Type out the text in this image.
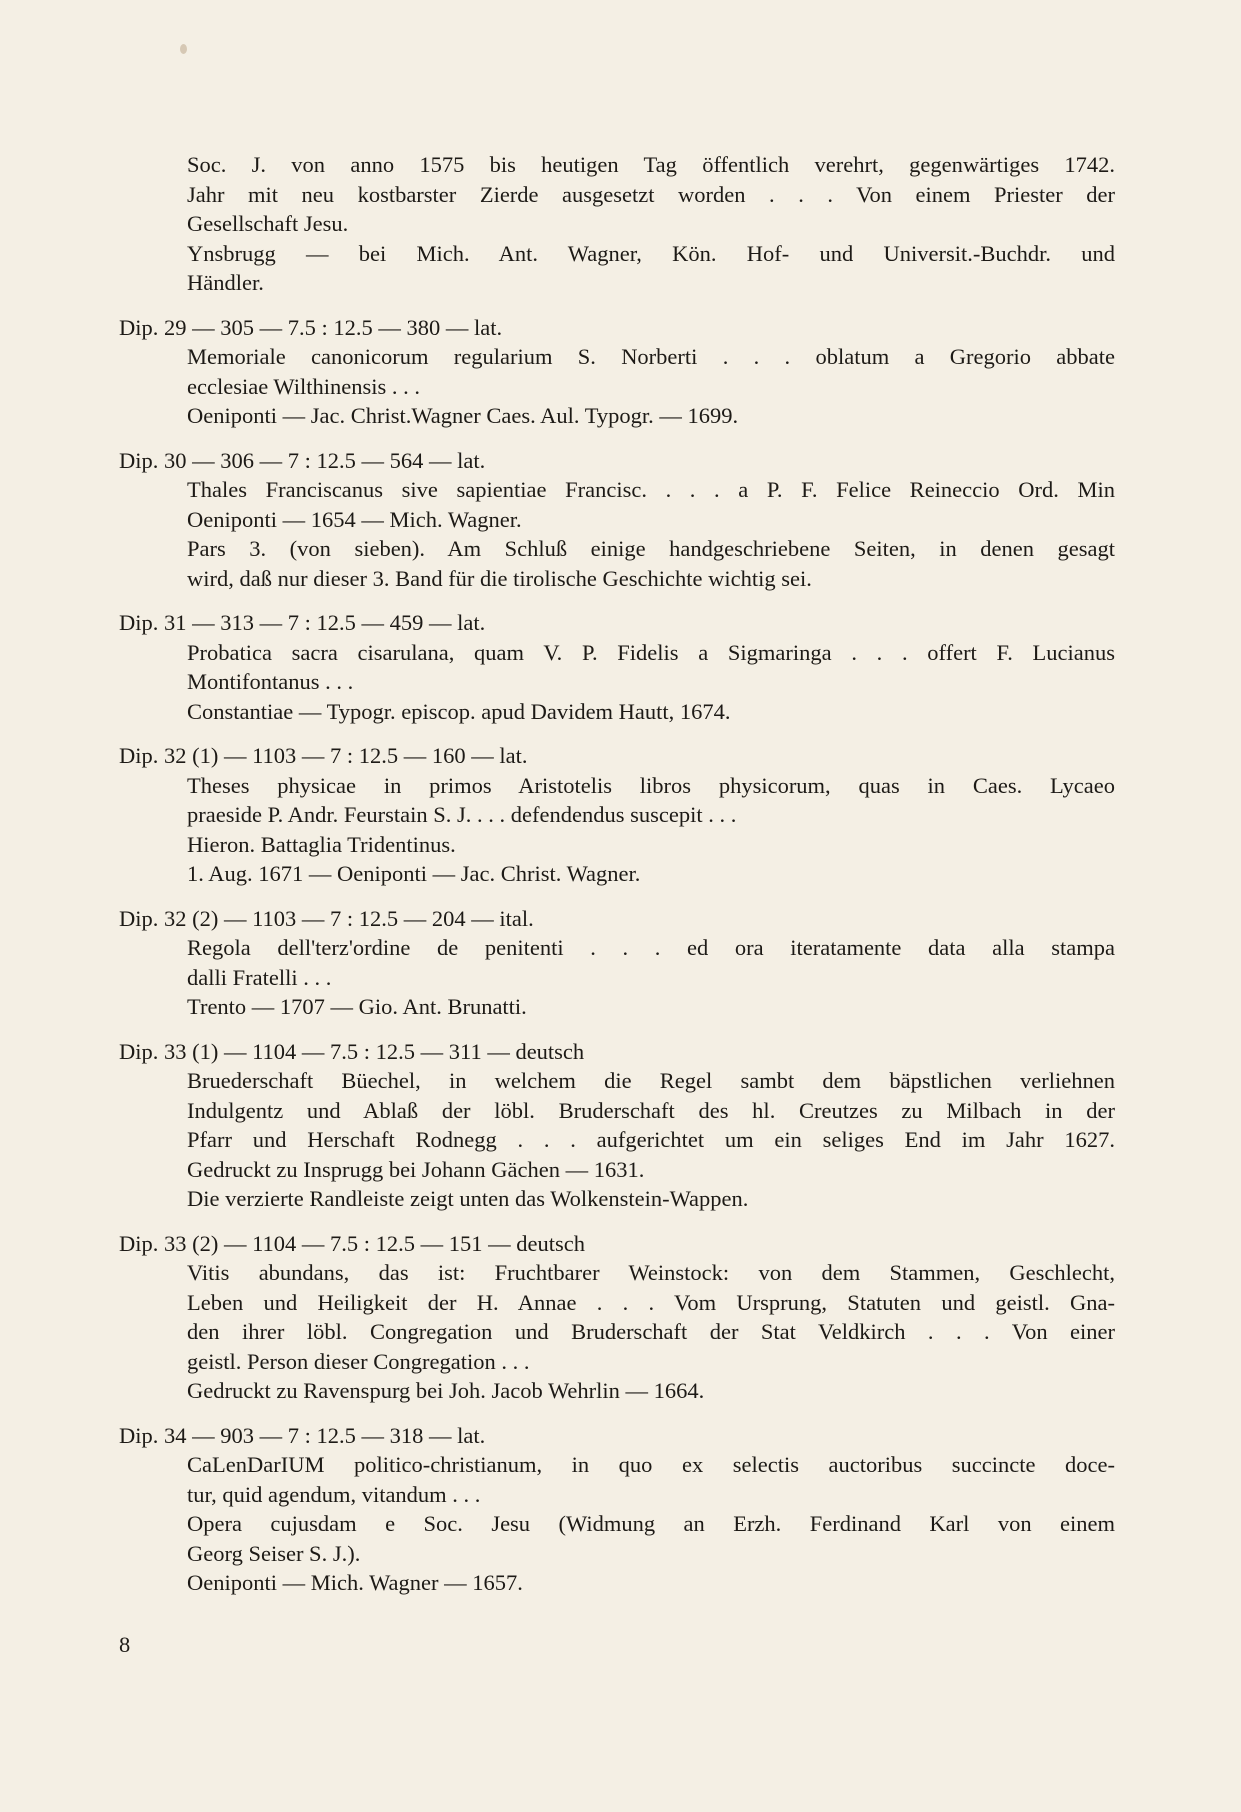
Soc. J. von anno 1575 bis heutigen Tag öffentlich verehrt, gegenwärtiges 1742.
Jahr mit neu kostbarster Zierde ausgesetzt worden . . . Von einem Priester der
Gesellschaft Jesu.
Ynsbrugg — bei Mich. Ant. Wagner, Kön. Hof- und Universit.-Buchdr. und
Händler.
Dip. 29 — 305 — 7.5 : 12.5 — 380 — lat.
Memoriale canonicorum regularium S. Norberti . . . oblatum a Gregorio abbate
ecclesiae Wilthinensis . . .
Oeniponti — Jac. Christ.Wagner Caes. Aul. Typogr. — 1699.
Dip. 30 — 306 — 7 : 12.5 — 564 — lat.
Thales Franciscanus sive sapientiae Francisc. . . . a P. F. Felice Reineccio Ord. Min
Oeniponti — 1654 — Mich. Wagner.
Pars 3. (von sieben). Am Schluß einige handgeschriebene Seiten, in denen gesagt
wird, daß nur dieser 3. Band für die tirolische Geschichte wichtig sei.
Dip. 31 — 313 — 7 : 12.5 — 459 — lat.
Probatica sacra cisarulana, quam V. P. Fidelis a Sigmaringa . . . offert F. Lucianus
Montifontanus . . .
Constantiae — Typogr. episcop. apud Davidem Hautt, 1674.
Dip. 32 (1) — 1103 — 7 : 12.5 — 160 — lat.
Theses physicae in primos Aristotelis libros physicorum, quas in Caes. Lycaeo
praeside P. Andr. Feurstain S. J. . . . defendendus suscepit . . .
Hieron. Battaglia Tridentinus.
1. Aug. 1671 — Oeniponti — Jac. Christ. Wagner.
Dip. 32 (2) — 1103 — 7 : 12.5 — 204 — ital.
Regola dell'terz'ordine de penitenti . . . ed ora iteratamente data alla stampa
dalli Fratelli . . .
Trento — 1707 — Gio. Ant. Brunatti.
Dip. 33 (1) — 1104 — 7.5 : 12.5 — 311 — deutsch
Bruederschaft Büechel, in welchem die Regel sambt dem bäpstlichen verliehnen
Indulgentz und Ablaß der löbl. Bruderschaft des hl. Creutzes zu Milbach in der
Pfarr und Herschaft Rodnegg . . . aufgerichtet um ein seliges End im Jahr 1627.
Gedruckt zu Insprugg bei Johann Gächen — 1631.
Die verzierte Randleiste zeigt unten das Wolkenstein-Wappen.
Dip. 33 (2) — 1104 — 7.5 : 12.5 — 151 — deutsch
Vitis abundans, das ist: Fruchtbarer Weinstock: von dem Stammen, Geschlecht,
Leben und Heiligkeit der H. Annae . . . Vom Ursprung, Statuten und geistl. Gna-
den ihrer löbl. Congregation und Bruderschaft der Stat Veldkirch . . . Von einer
geistl. Person dieser Congregation . . .
Gedruckt zu Ravenspurg bei Joh. Jacob Wehrlin — 1664.
Dip. 34 — 903 — 7 : 12.5 — 318 — lat.
CaLenDarIUM politico-christianum, in quo ex selectis auctoribus succincte doce-
tur, quid agendum, vitandum . . .
Opera cujusdam e Soc. Jesu (Widmung an Erzh. Ferdinand Karl von einem
Georg Seiser S. J.).
Oeniponti — Mich. Wagner — 1657.
8
